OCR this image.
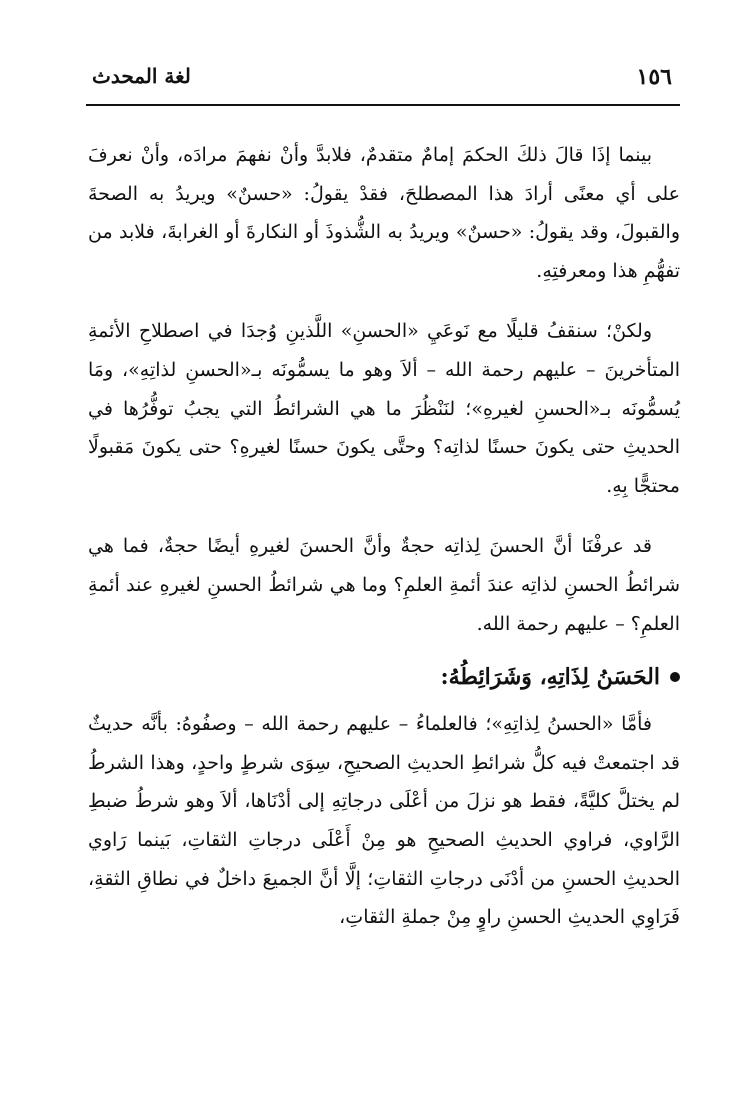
١٥٦
لغة المحدث

بينما إذَا قالَ ذلكَ الحكمَ إمامٌ متقدمٌ، فلابدَّ وأنْ نفهمَ مرادَه، وأنْ نعرفَ على أي معنًى أرادَ هذا المصطلحَ، فقدْ يقولُ: «حسنٌ» ويريدُ به الصحةَ والقبولَ، وقد يقولُ: «حسنٌ» ويريدُ به الشُّذوذَ أو النكارةَ أو الغرابةَ، فلابد من تفهُّمِ هذا ومعرفتِهِ.

ولكنْ؛ سنقفُ قليلًا مع نَوعَيِ «الحسنِ» اللَّذينِ وُجدَا في اصطلاحِ الأئمةِ المتأخرينَ – عليهم رحمة الله – ألاَ وهو ما يسمُّونَه بـ«الحسنِ لذاتِهِ»، ومَا يُسمُّونَه بـ«الحسنِ لغيرهِ»؛ لنَنْظُرَ ما هي الشرائطُ التي يجبُ توفُّرُها في الحديثِ حتى يكونَ حسنًا لذاتِه؟ وحتَّى يكونَ حسنًا لغيرهِ؟ حتى يكونَ مَقبولًا محتجًّا بِهِ.

قد عرفْنَا أنَّ الحسنَ لِذاتِه حجةٌ وأنَّ الحسنَ لغيرهِ أيضًا حجةٌ، فما هي شرائطُ الحسنِ لذاتِه عندَ أئمةِ العلمِ؟ وما هي شرائطُ الحسنِ لغيرهِ عند أئمةِ العلمِ؟ – عليهم رحمة الله.

الحَسَنُ لِذَاتِهِ، وَشَرَائِطُهُ:

فأمَّا «الحسنُ لِذاتِهِ»؛ فالعلماءُ – عليهم رحمة الله – وصفُوهُ: بأنَّه حديثٌ قد اجتمعتْ فيه كلُّ شرائطِ الحديثِ الصحيحِ، سِوَى شرطٍ واحدٍ، وهذا الشرطُ لم يختلَّ كليَّةً، فقط هو نزلَ من أعْلَى درجاتِهِ إلى أدْنَاها، ألاَ وهو شرطُ ضبطِ الرَّاوي، فراوي الحديثِ الصحيحِ هو مِنْ أَعْلَى درجاتِ الثقاتِ، بَينما رَاوي الحديثِ الحسنِ من أدْنَى درجاتِ الثقاتِ؛ إلَّا أنَّ الجميعَ داخلٌ في نطاقِ الثقةِ، فَرَاوِي الحديثِ الحسنِ راوٍ مِنْ جملةِ الثقاتِ،
